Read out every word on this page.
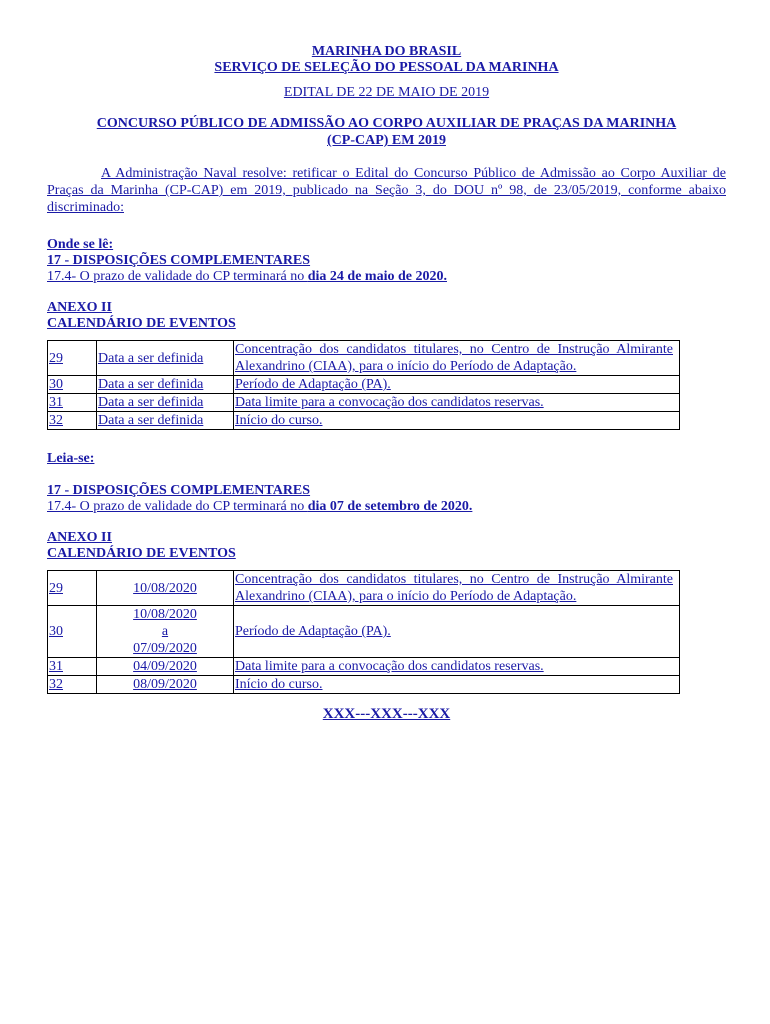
MARINHA DO BRASIL
SERVIÇO DE SELEÇÃO DO PESSOAL DA MARINHA
EDITAL DE 22 DE MAIO DE 2019
CONCURSO PÚBLICO DE ADMISSÃO AO CORPO AUXILIAR DE PRAÇAS DA MARINHA
(CP-CAP) EM 2019
A Administração Naval resolve: retificar o Edital do Concurso Público de Admissão ao Corpo Auxiliar de Praças da Marinha (CP-CAP) em 2019, publicado na Seção 3, do DOU nº 98, de 23/05/2019, conforme abaixo discriminado:
Onde se lê:
17 - DISPOSIÇÕES COMPLEMENTARES
17.4- O prazo de validade do CP terminará no dia 24 de maio de 2020.
ANEXO II
CALENDÁRIO DE EVENTOS
29	Data a ser definida	Concentração dos candidatos titulares, no Centro de Instrução Almirante Alexandrino (CIAA), para o início do Período de Adaptação.
30	Data a ser definida	Período de Adaptação (PA).
31	Data a ser definida	Data limite para a convocação dos candidatos reservas.
32	Data a ser definida	Início do curso.
Leia-se:
17 - DISPOSIÇÕES COMPLEMENTARES
17.4- O prazo de validade do CP terminará no dia 07 de setembro de 2020.
ANEXO II
CALENDÁRIO DE EVENTOS
29	10/08/2020	Concentração dos candidatos titulares, no Centro de Instrução Almirante Alexandrino (CIAA), para o início do Período de Adaptação.
30	10/08/2020
a
07/09/2020	Período de Adaptação (PA).
31	04/09/2020	Data limite para a convocação dos candidatos reservas.
32	08/09/2020	Início do curso.
XXX---XXX---XXX
